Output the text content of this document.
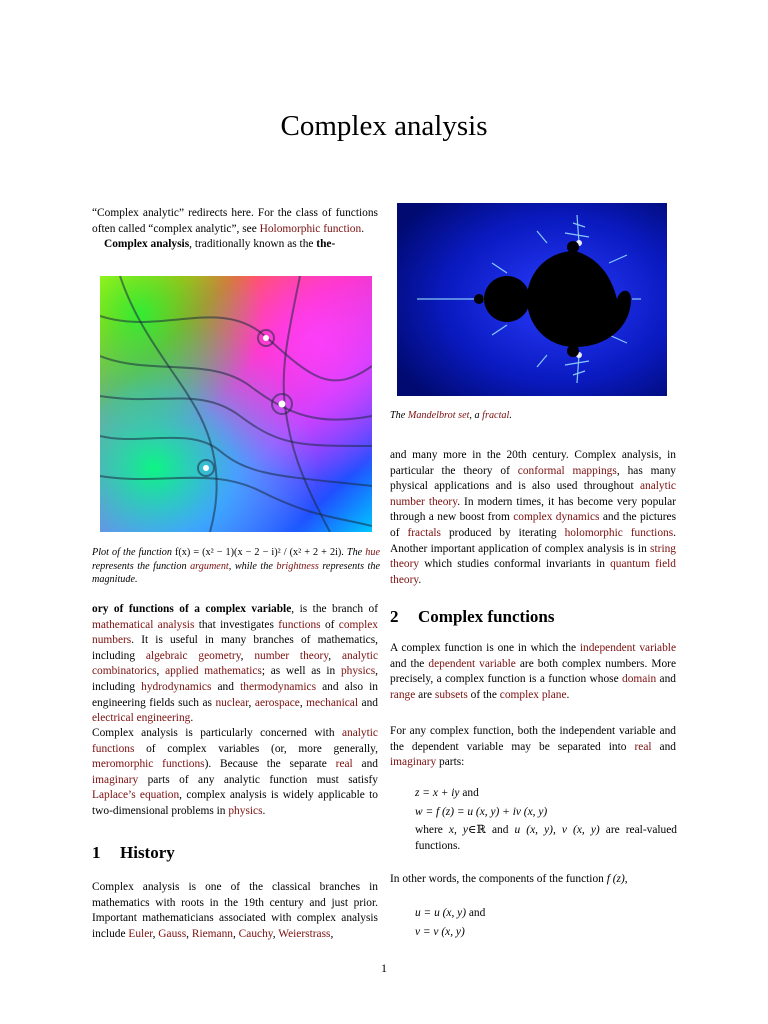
Complex analysis

“Complex analytic” redirects here. For the class of functions often called “complex analytic”, see Holomorphic function.

Complex analysis, traditionally known as the the-

Plot of the function f(x) = (x² − 1)(x − 2 − i)² / (x² + 2 + 2i). The hue represents the function argument, while the brightness represents the magnitude.

ory of functions of a complex variable, is the branch of mathematical analysis that investigates functions of complex numbers. It is useful in many branches of mathematics, including algebraic geometry, number theory, analytic combinatorics, applied mathematics; as well as in physics, including hydrodynamics and thermodynamics and also in engineering fields such as nuclear, aerospace, mechanical and electrical engineering.

Complex analysis is particularly concerned with analytic functions of complex variables (or, more generally, meromorphic functions). Because the separate real and imaginary parts of any analytic function must satisfy Laplace’s equation, complex analysis is widely applicable to two-dimensional problems in physics.

1 History

Complex analysis is one of the classical branches in mathematics with roots in the 19th century and just prior. Important mathematicians associated with complex analysis include Euler, Gauss, Riemann, Cauchy, Weierstrass,

The Mandelbrot set, a fractal.

and many more in the 20th century. Complex analysis, in particular the theory of conformal mappings, has many physical applications and is also used throughout analytic number theory. In modern times, it has become very popular through a new boost from complex dynamics and the pictures of fractals produced by iterating holomorphic functions. Another important application of complex analysis is in string theory which studies conformal invariants in quantum field theory.

2 Complex functions

A complex function is one in which the independent variable and the dependent variable are both complex numbers. More precisely, a complex function is a function whose domain and range are subsets of the complex plane.

For any complex function, both the independent variable and the dependent variable may be separated into real and imaginary parts:

z = x + iy and
w = f (z) = u (x, y) + iv (x, y)
where x, y∈ℝ and u (x, y), v (x, y) are real-valued functions.

In other words, the components of the function f (z),

u = u (x, y) and
v = v (x, y)
1
